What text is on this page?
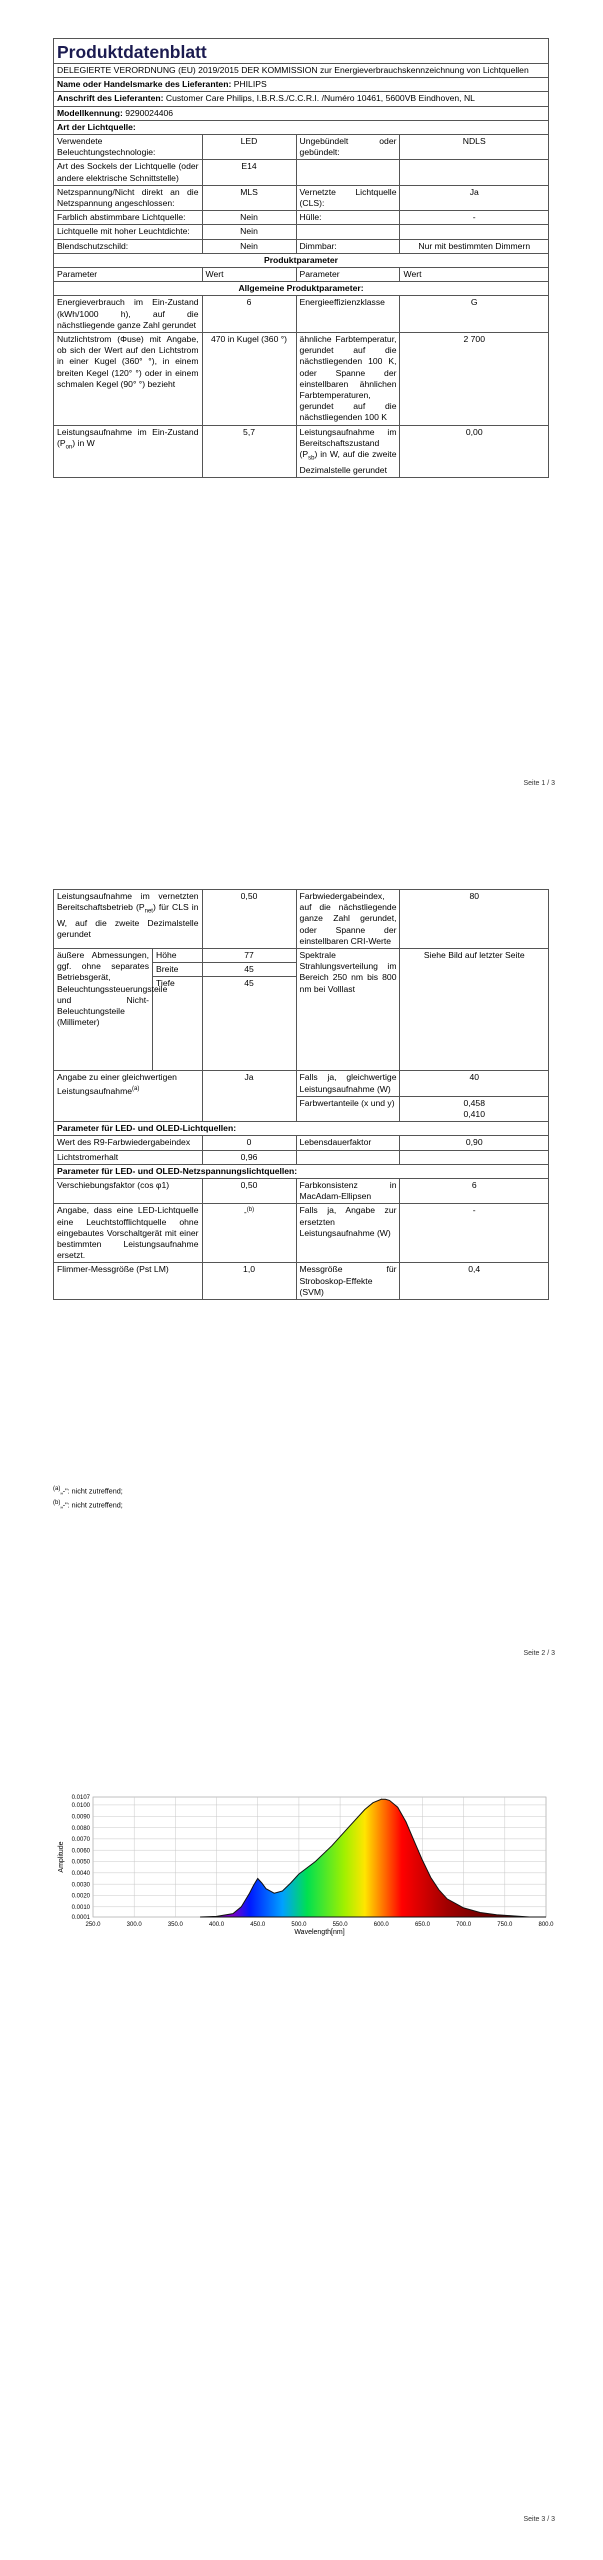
Produktdatenblatt			
DELEGIERTE VERORDNUNG (EU) 2019/2015 DER KOMMISSION zur Energieverbrauchskennzeichnung von Lichtquellen			
Name oder Handelsmarke des Lieferanten: PHILIPS			
Anschrift des Lieferanten: Customer Care Philips, I.B.R.S./C.C.R.I. /Numéro 10461, 5600VB Eindhoven, NL			
Modellkennung: 9290024406			
Art der Lichtquelle:			
Verwendete Beleuchtungstechnologie:	LED	Ungebündelt oder gebündelt:	NDLS
Art des Sockels der Lichtquelle (oder andere elektrische Schnittstelle)	E14		
Netzspannung/Nicht direkt an die Netzspannung angeschlossen:	MLS	Vernetzte Lichtquelle (CLS):	Ja
Farblich abstimmbare Lichtquelle:	Nein	Hülle:	-
Lichtquelle mit hoher Leuchtdichte:	Nein		
Blendschutzschild:	Nein	Dimmbar:	Nur mit bestimmten Dimmern
Produktparameter			
Parameter	Wert	Parameter	Wert
Allgemeine Produktparameter:			
Energieverbrauch im Ein-Zustand (kWh/1000 h), auf die nächstliegende ganze Zahl gerundet	6	Energieeffizienzklasse	G
Nutzlichtstrom (Φuse) mit Angabe, ob sich der Wert auf den Lichtstrom in einer Kugel (360° °), in einem breiten Kegel (120° °) oder in einem schmalen Kegel (90° °) bezieht	470 in Kugel (360 °)	ähnliche Farbtemperatur, gerundet auf die nächstliegenden 100 K, oder Spanne der einstellbaren ähnlichen Farbtemperaturen, gerundet auf die nächstliegenden 100 K	2 700
Leistungsaufnahme im Ein-Zustand $(P_{on})$ in W	5,7	Leistungsaufnahme im Bereitschaftszustand $(P_{sb})$ in W, auf die zweite Dezimalstelle gerundet	0,00
Seite 1 / 3
Leistungsaufnahme im vernetzten Bereitschaftsbetrieb $(P_{net})$ für CLS in W, auf die zweite Dezimalstelle gerundet		0,50	Farbwiedergabeindex, auf die nächstliegende ganze Zahl gerundet, oder Spanne der einstellbaren CRI-Werte	80
äußere Abmessungen, ggf. ohne separates Betriebsgerät, Beleuchtungssteuerungsteile und Nicht-Beleuchtungsteile (Millimeter)	Höhe	77	Spektrale Strahlungsverteilung im Bereich 250 nm bis 800 nm bei Volllast	Siehe Bild auf letzter Seite
	Breite	45		
	Tiefe	45		
Angabe zu einer gleichwertigen Leistungsaufnahme$^{(a)}$		Ja	Falls ja, gleichwertige Leistungsaufnahme (W)	40
			Farbwertanteile (x und y)	0,458
0,410

Parameter für LED- und OLED-Lichtquellen:				
Wert des R9-Farbwiedergabeindex		0	Lebensdauerfaktor	0,90
Lichtstromerhalt		0,96		
Parameter für LED- und OLED-Netzspannungslichtquellen:				
Verschiebungsfaktor (cos φ1)		0,50	Farbkonsistenz in MacAdam-Ellipsen	6
Angabe, dass eine LED-Lichtquelle eine Leuchtstofflichtquelle ohne eingebautes Vorschaltgerät mit einer bestimmten Leistungsaufnahme ersetzt.		-$^{(b)}$	Falls ja, Angabe zur ersetzten Leistungsaufnahme (W)	-
Flimmer-Messgröße (Pst LM)		1,0	Messgröße für Stroboskop-Effekte (SVM)	0,4
$^{(a)}$„-": nicht zutreffend;
$^{(b)}$„-": nicht zutreffend;
Seite 2 / 3
0.0107
0.0100
0.0090
0.0080
0.0070
0.0060
0.0050
0.0040
0.0030
0.0020
0.0010
0.0001
250.0	300.0	350.0	400.0	450.0	500.0	550.0	600.0	650.0	700.0	750.0	800.0
Amplitude
Wavelength[nm]
Seite 3 / 3
